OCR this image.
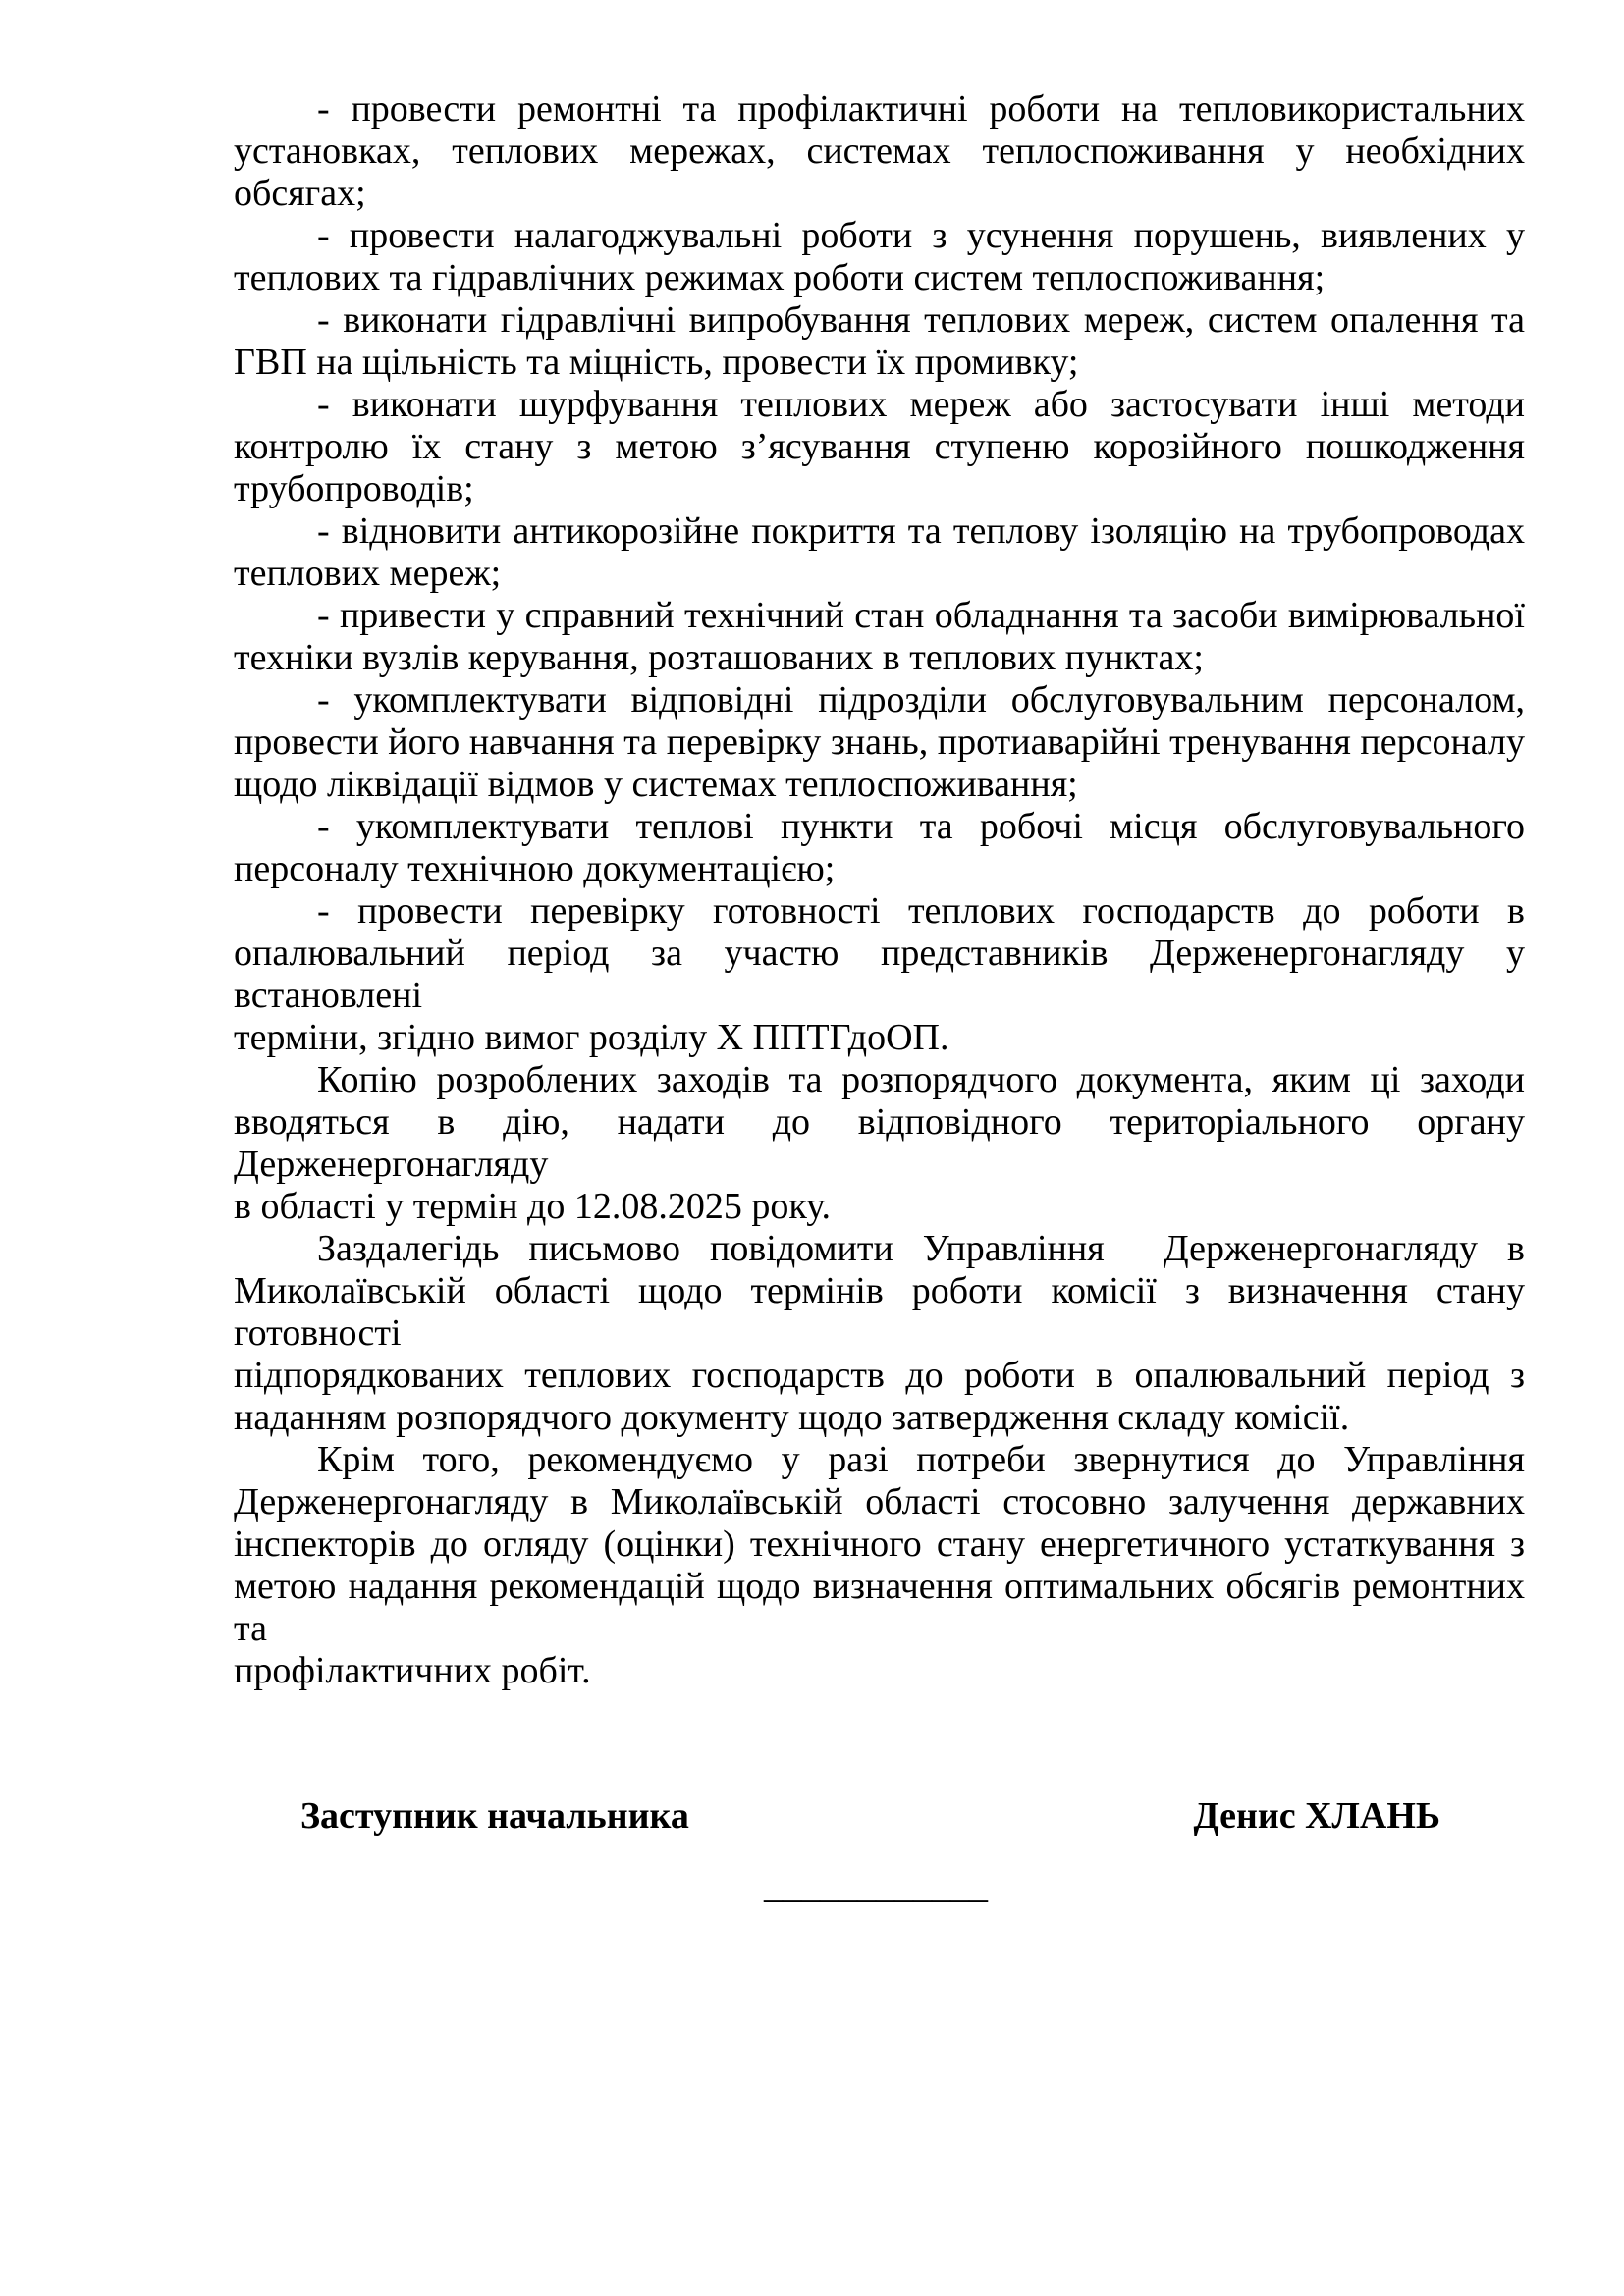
- провести ремонтні та профілактичні роботи на тепловикористальних
установках, теплових мережах, системах теплоспоживання у необхідних обсягах;
- провести налагоджувальні роботи з усунення порушень, виявлених у
теплових та гідравлічних режимах роботи систем теплоспоживання;
- виконати гідравлічні випробування теплових мереж, систем опалення та
ГВП на щільність та міцність, провести їх промивку;
- виконати шурфування теплових мереж або застосувати інші методи
контролю їх стану з метою з’ясування ступеню корозійного пошкодження
трубопроводів;
- відновити антикорозійне покриття та теплову ізоляцію на трубопроводах
теплових мереж;
- привести у справний технічний стан обладнання та засоби вимірювальної
техніки вузлів керування, розташованих в теплових пунктах;
- укомплектувати відповідні підрозділи обслуговувальним персоналом,
провести його навчання та перевірку знань, протиаварійні тренування персоналу
щодо ліквідації відмов у системах теплоспоживання;
- укомплектувати теплові пункти та робочі місця обслуговувального
персоналу технічною документацією;
- провести перевірку готовності теплових господарств до роботи в
опалювальний період за участю представників Держенергонагляду у встановлені
терміни, згідно вимог розділу Х ППТГдоОП.
Копію розроблених заходів та розпорядчого документа, яким ці заходи
вводяться в дію, надати до відповідного територіального органу Держенергонагляду
в області у термін до 12.08.2025 року.
Заздалегідь письмово повідомити Управління  Держенергонагляду в
Миколаївській області щодо термінів роботи комісії з визначення стану готовності
підпорядкованих теплових господарств до роботи в опалювальний період з
наданням розпорядчого документу щодо затвердження складу комісії.
Крім того, рекомендуємо у разі потреби звернутися до Управління
Держенергонагляду в Миколаївській області стосовно залучення державних
інспекторів до огляду (оцінки) технічного стану енергетичного устаткування з
метою надання рекомендацій щодо визначення оптимальних обсягів ремонтних та
профілактичних робіт.
Заступник начальника	Денис ХЛАНЬ
____________
